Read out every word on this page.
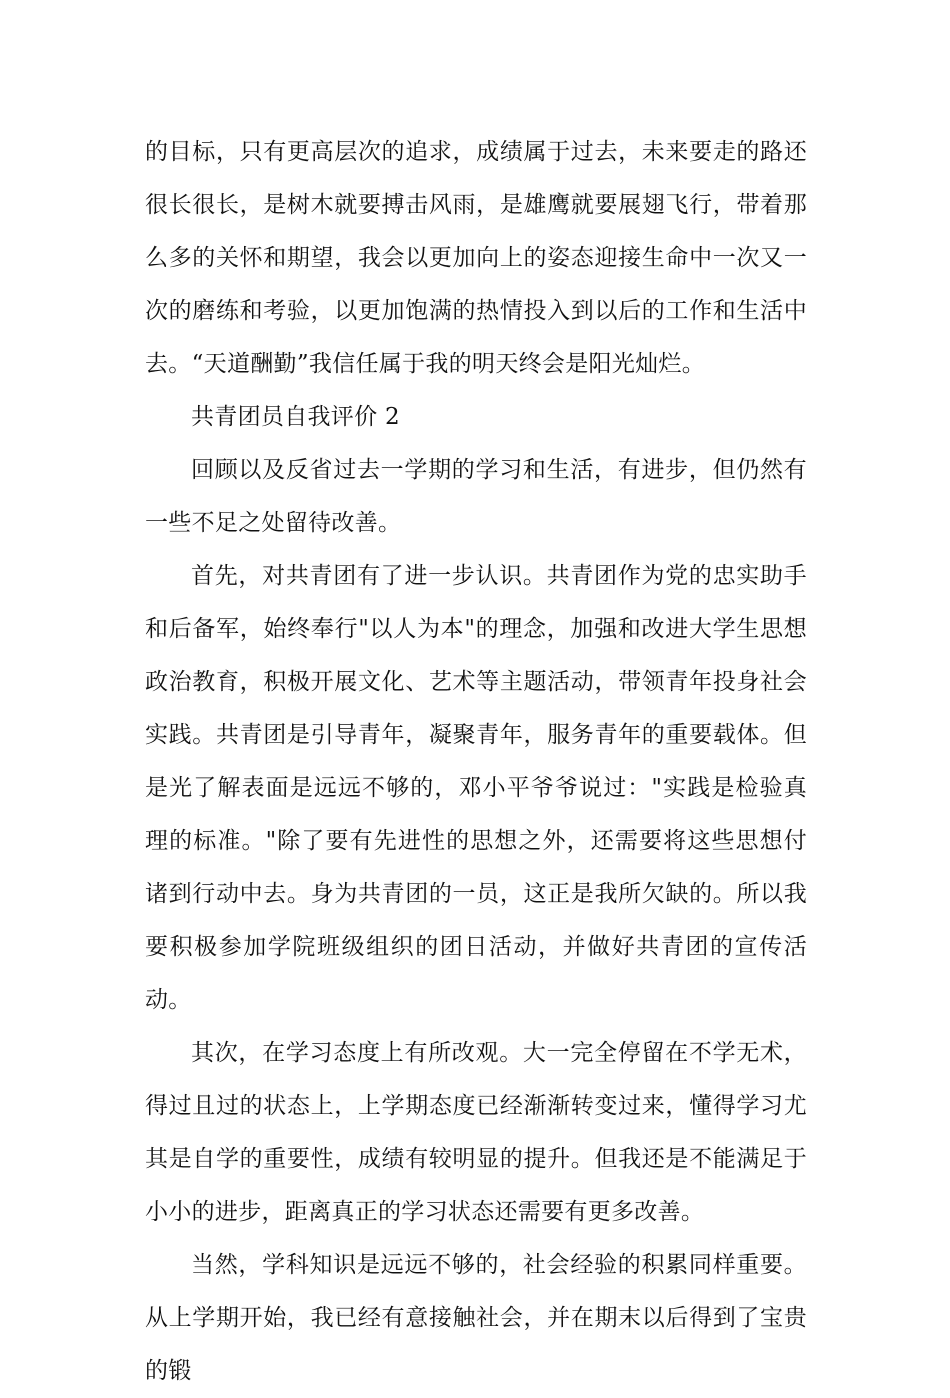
的目标，只有更高层次的追求，成绩属于过去，未来要走的路还很长很长，是树木就要搏击风雨，是雄鹰就要展翅飞行，带着那么多的关怀和期望，我会以更加向上的姿态迎接生命中一次又一次的磨练和考验，以更加饱满的热情投入到以后的工作和生活中去。“天道酬勤”我信任属于我的明天终会是阳光灿烂。

共青团员自我评价 2

回顾以及反省过去一学期的学习和生活，有进步，但仍然有一些不足之处留待改善。

首先，对共青团有了进一步认识。共青团作为党的忠实助手和后备军，始终奉行"以人为本"的理念，加强和改进大学生思想政治教育，积极开展文化、艺术等主题活动，带领青年投身社会实践。共青团是引导青年，凝聚青年，服务青年的重要载体。但是光了解表面是远远不够的，邓小平爷爷说过："实践是检验真理的标准。"除了要有先进性的思想之外，还需要将这些思想付诸到行动中去。身为共青团的一员，这正是我所欠缺的。所以我要积极参加学院班级组织的团日活动，并做好共青团的宣传活动。

其次，在学习态度上有所改观。大一完全停留在不学无术，得过且过的状态上，上学期态度已经渐渐转变过来，懂得学习尤其是自学的重要性，成绩有较明显的提升。但我还是不能满足于小小的进步，距离真正的学习状态还需要有更多改善。

当然，学科知识是远远不够的，社会经验的积累同样重要。从上学期开始，我已经有意接触社会，并在期末以后得到了宝贵的锻
